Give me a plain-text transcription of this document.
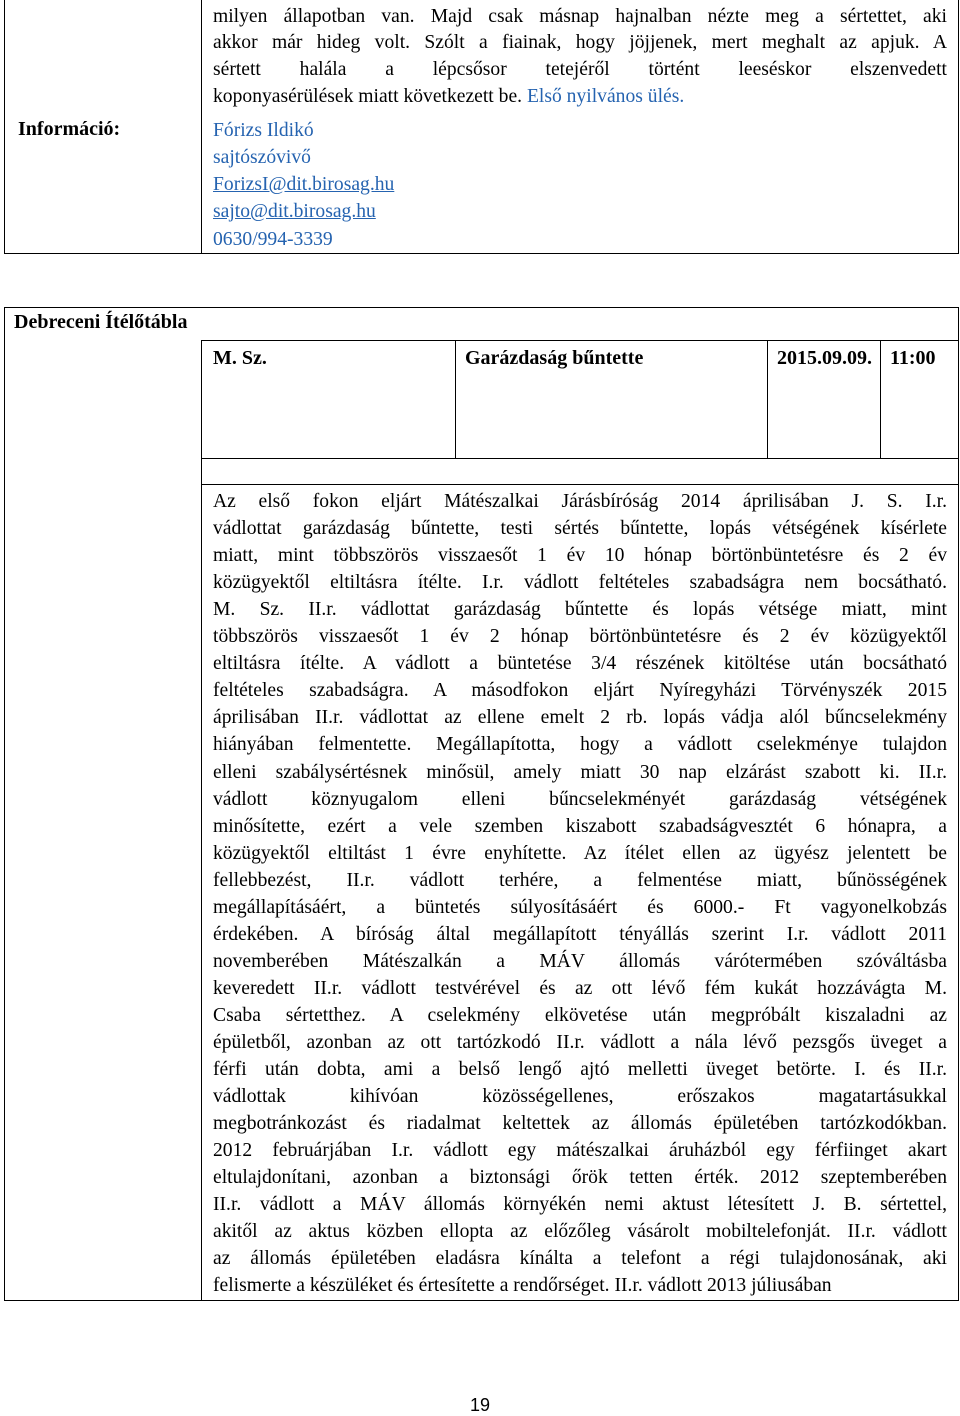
Információ:
milyen állapotban van. Majd csak másnap hajnalban nézte meg a sértettet, aki
akkor már hideg volt. Szólt a fiainak, hogy jöjjenek, mert meghalt az apjuk. A
sértett halála a lépcsősor tetejéről történt leeséskor elszenvedett
koponyasérülések miatt következett be. Első nyilvános ülés.
Fórizs Ildikó
sajtószóvivő
ForizsI@dit.birosag.hu
sajto@dit.birosag.hu
0630/994-3339
Debreceni Ítélőtábla
M. Sz.	Garázdaság bűntette	2015.09.09. 11:00
Az első fokon eljárt Mátészalkai Járásbíróság 2014 áprilisában J. S. I.r.
vádlottat garázdaság bűntette, testi sértés bűntette, lopás vétségének kísérlete
miatt, mint többszörös visszaesőt 1 év 10 hónap börtönbüntetésre és 2 év
közügyektől eltiltásra ítélte. I.r. vádlott feltételes szabadságra nem bocsátható.
M. Sz. II.r. vádlottat garázdaság bűntette és lopás vétsége miatt, mint
többszörös visszaesőt 1 év 2 hónap börtönbüntetésre és 2 év közügyektől
eltiltásra ítélte. A vádlott a büntetése 3/4 részének kitöltése után bocsátható
feltételes szabadságra. A másodfokon eljárt Nyíregyházi Törvényszék 2015
áprilisában II.r. vádlottat az ellene emelt 2 rb. lopás vádja alól bűncselekmény
hiányában felmentette. Megállapította, hogy a vádlott cselekménye tulajdon
elleni szabálysértésnek minősül, amely miatt 30 nap elzárást szabott ki. II.r.
vádlott köznyugalom elleni bűncselekményét garázdaság vétségének
minősítette, ezért a vele szemben kiszabott szabadságvesztét 6 hónapra, a
közügyektől eltiltást 1 évre enyhítette. Az ítélet ellen az ügyész jelentett be
fellebbezést, II.r. vádlott terhére, a felmentése miatt, bűnösségének
megállapításáért, a büntetés súlyosításáért és 6000.- Ft vagyonelkobzás
érdekében. A bíróság által megállapított tényállás szerint I.r. vádlott 2011
novemberében Mátészalkán a MÁV állomás várótermében szóváltásba
keveredett II.r. vádlott testvérével és az ott lévő fém kukát hozzávágta M.
Csaba sértetthez. A cselekmény elkövetése után megpróbált kiszaladni az
épületből, azonban az ott tartózkodó II.r. vádlott a nála lévő pezsgős üveget a
férfi után dobta, ami a belső lengő ajtó melletti üveget betörte. I. és II.r.
vádlottak kihívóan közösségellenes, erőszakos magatartásukkal
megbotránkozást és riadalmat keltettek az állomás épületében tartózkodókban.
2012 februárjában I.r. vádlott egy mátészalkai áruházból egy férfiinget akart
eltulajdonítani, azonban a biztonsági őrök tetten érték. 2012 szeptemberében
II.r. vádlott a MÁV állomás környékén nemi aktust létesített J. B. sértettel,
akitől az aktus közben ellopta az előzőleg vásárolt mobiltelefonját. II.r. vádlott
az állomás épületében eladásra kínálta a telefont a régi tulajdonosának, aki
felismerte a készüléket és értesítette a rendőrséget. II.r. vádlott 2013 júliusában
19
